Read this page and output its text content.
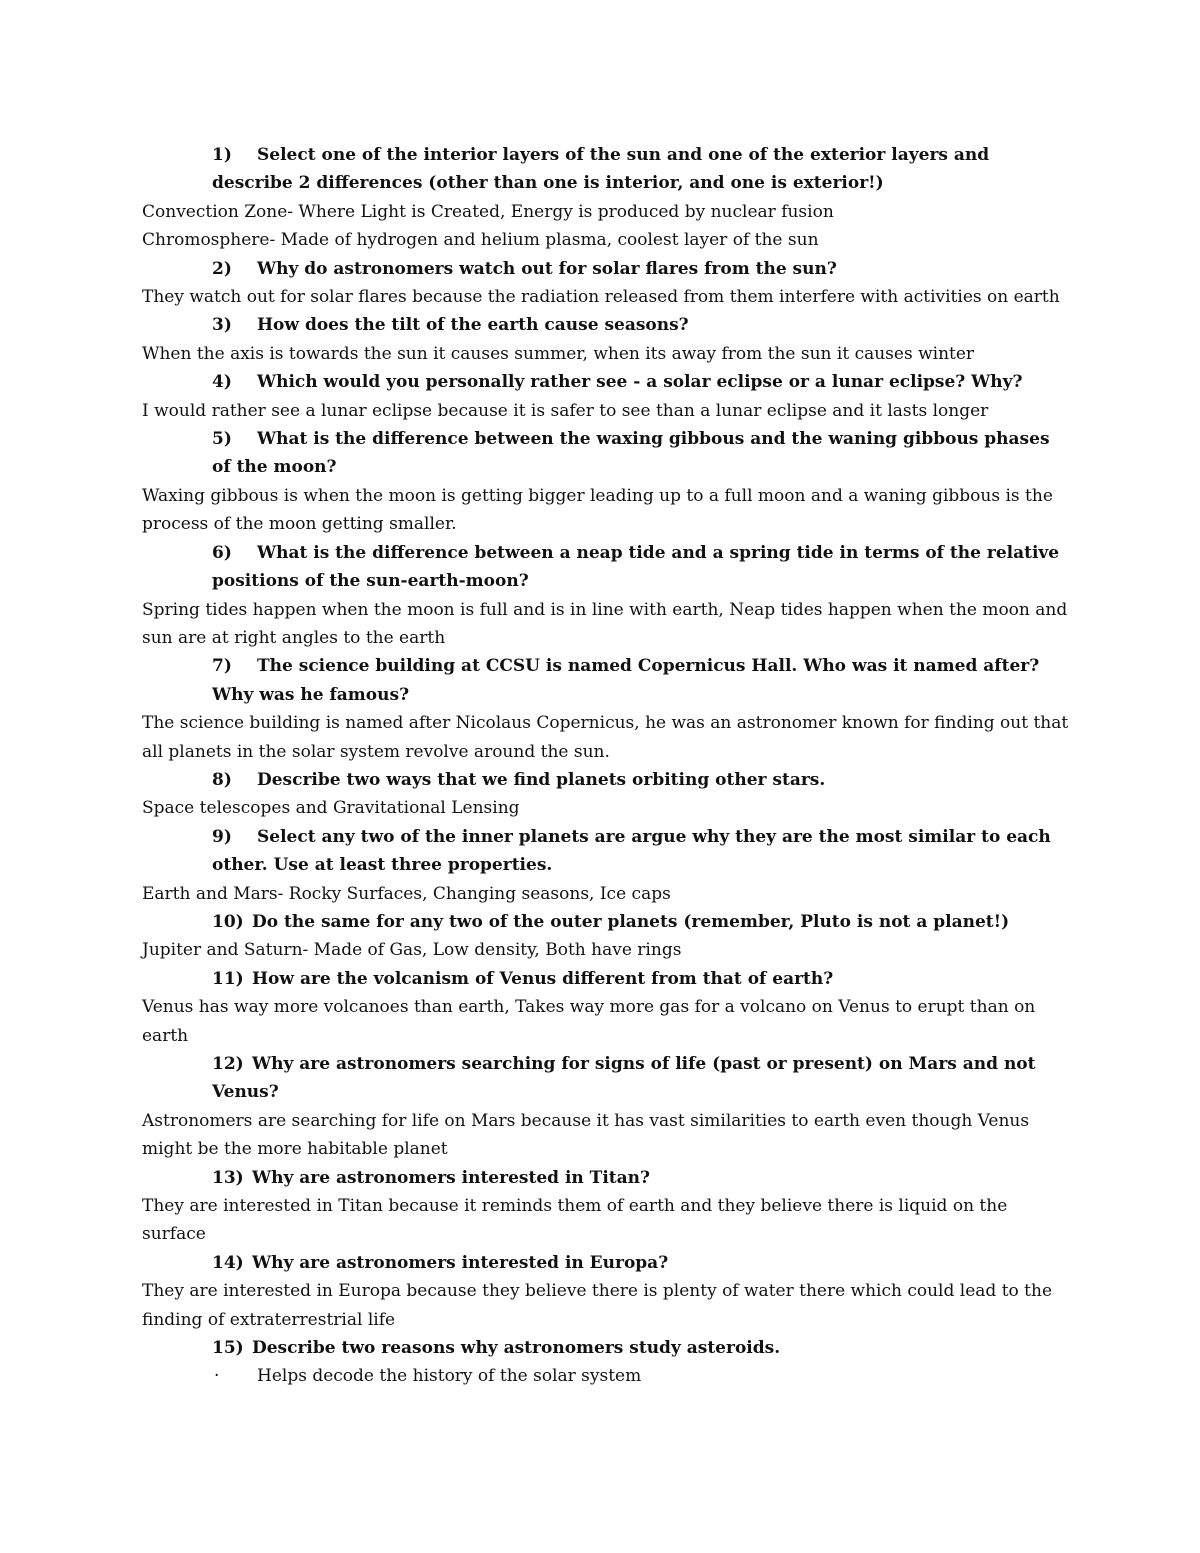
1)	Select one of the interior layers of the sun and one of the exterior layers and describe 2 differences (other than one is interior, and one is exterior!)

Convection Zone- Where Light is Created, Energy is produced by nuclear fusion

Chromosphere- Made of hydrogen and helium plasma, coolest layer of the sun

2)	Why do astronomers watch out for solar flares from the sun?

They watch out for solar flares because the radiation released from them interfere with activities on earth

3)	How does the tilt of the earth cause seasons?

When the axis is towards the sun it causes summer, when its away from the sun it causes winter

4)	Which would you personally rather see - a solar eclipse or a lunar eclipse? Why?

I would rather see a lunar eclipse because it is safer to see than a lunar eclipse and it lasts longer

5)	What is the difference between the waxing gibbous and the waning gibbous phases of the moon?

Waxing gibbous is when the moon is getting bigger leading up to a full moon and a waning gibbous is the process of the moon getting smaller.

6)	What is the difference between a neap tide and a spring tide in terms of the relative positions of the sun-earth-moon?

Spring tides happen when the moon is full and is in line with earth, Neap tides happen when the moon and sun are at right angles to the earth

7)	The science building at CCSU is named Copernicus Hall. Who was it named after? Why was he famous?

The science building is named after Nicolaus Copernicus, he was an astronomer known for finding out that all planets in the solar system revolve around the sun.

8)	Describe two ways that we find planets orbiting other stars.

Space telescopes and Gravitational Lensing

9)	Select any two of the inner planets are argue why they are the most similar to each other. Use at least three properties.

Earth and Mars- Rocky Surfaces, Changing seasons, Ice caps

10) Do the same for any two of the outer planets (remember, Pluto is not a planet!)

Jupiter and Saturn- Made of Gas, Low density, Both have rings

11) How are the volcanism of Venus different from that of earth?

Venus has way more volcanoes than earth, Takes way more gas for a volcano on Venus to erupt than on earth

12) Why are astronomers searching for signs of life (past or present) on Mars and not Venus?

Astronomers are searching for life on Mars because it has vast similarities to earth even though Venus might be the more habitable planet

13) Why are astronomers interested in Titan?

They are interested in Titan because it reminds them of earth and they believe there is liquid on the surface

14) Why are astronomers interested in Europa?

They are interested in Europa because they believe there is plenty of water there which could lead to the finding of extraterrestrial life

15) Describe two reasons why astronomers study asteroids.

· Helps decode the history of the solar system
